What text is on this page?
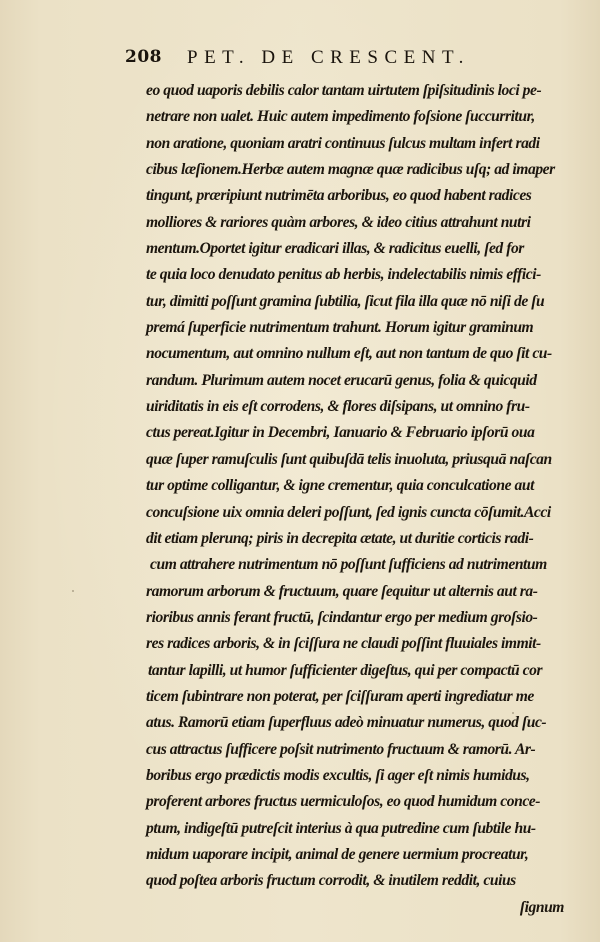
208 PET. DE CRESCENT.
eo quod uaporis debilis calor tantam uirtutem ſpiſsitudinis loci pe-
netrare non ualet. Huic autem impedimento foſsione ſuccurritur,
non aratione, quoniam aratri continuus ſulcus multam infert radi
cibus læſionem.Herbæ autem magnæ quæ radicibus uſq; ad imaper
tingunt, præripiunt nutrimēta arboribus, eo quod habent radices
molliores & rariores quàm arbores, & ideo citius attrahunt nutri
mentum.Oportet igitur eradicari illas, & radicitus euelli, ſed for
te quia loco denudato penitus ab herbis, indelectabilis nimis effici-
tur, dimitti poſſunt gramina ſubtilia, ſicut fila illa quæ nō niſi de ſu
premá ſuperficie nutrimentum trahunt. Horum igitur graminum
nocumentum, aut omnino nullum eſt, aut non tantum de quo ſit cu-
randum. Plurimum autem nocet erucarū genus, folia & quicquid
uiriditatis in eis eſt corrodens, & flores diſsipans, ut omnino fru-
ctus pereat.Igitur in Decembri, Ianuario & Februario ipſorū oua
quæ ſuper ramuſculis ſunt quibuſdā telis inuoluta, priusquā naſcan
tur optime colligantur, & igne crementur, quia conculcatione aut
concuſsione uix omnia deleri poſſunt, ſed ignis cuncta cōſumit.Acci
dit etiam plerunq; piris in decrepita ætate, ut duritie corticis radi-
cum attrahere nutrimentum nō poſſunt ſufficiens ad nutrimentum
ramorum arborum & fructuum, quare ſequitur ut alternis aut ra-
rioribus annis ferant fructū, ſcindantur ergo per medium groſsio-
res radices arboris, & in ſciſſura ne claudi poſſint fluuiales immit-
tantur lapilli, ut humor ſufficienter digeſtus, qui per compactū cor
ticem ſubintrare non poterat, per ſciſſuram aperti ingrediatur me
atus. Ramorū etiam ſuperfluus adeò minuatur numerus, quod ſuc-
cus attractus ſufficere poſsit nutrimento fructuum & ramorū. Ar-
boribus ergo prædictis modis excultis, ſi ager eſt nimis humidus,
proferent arbores fructus uermiculoſos, eo quod humidum conce-
ptum, indigeſtū putreſcit interius à qua putredine cum ſubtile hu-
midum uaporare incipit, animal de genere uermium procreatur,
quod poſtea arboris fructum corrodit, & inutilem reddit, cuius
ſignum
